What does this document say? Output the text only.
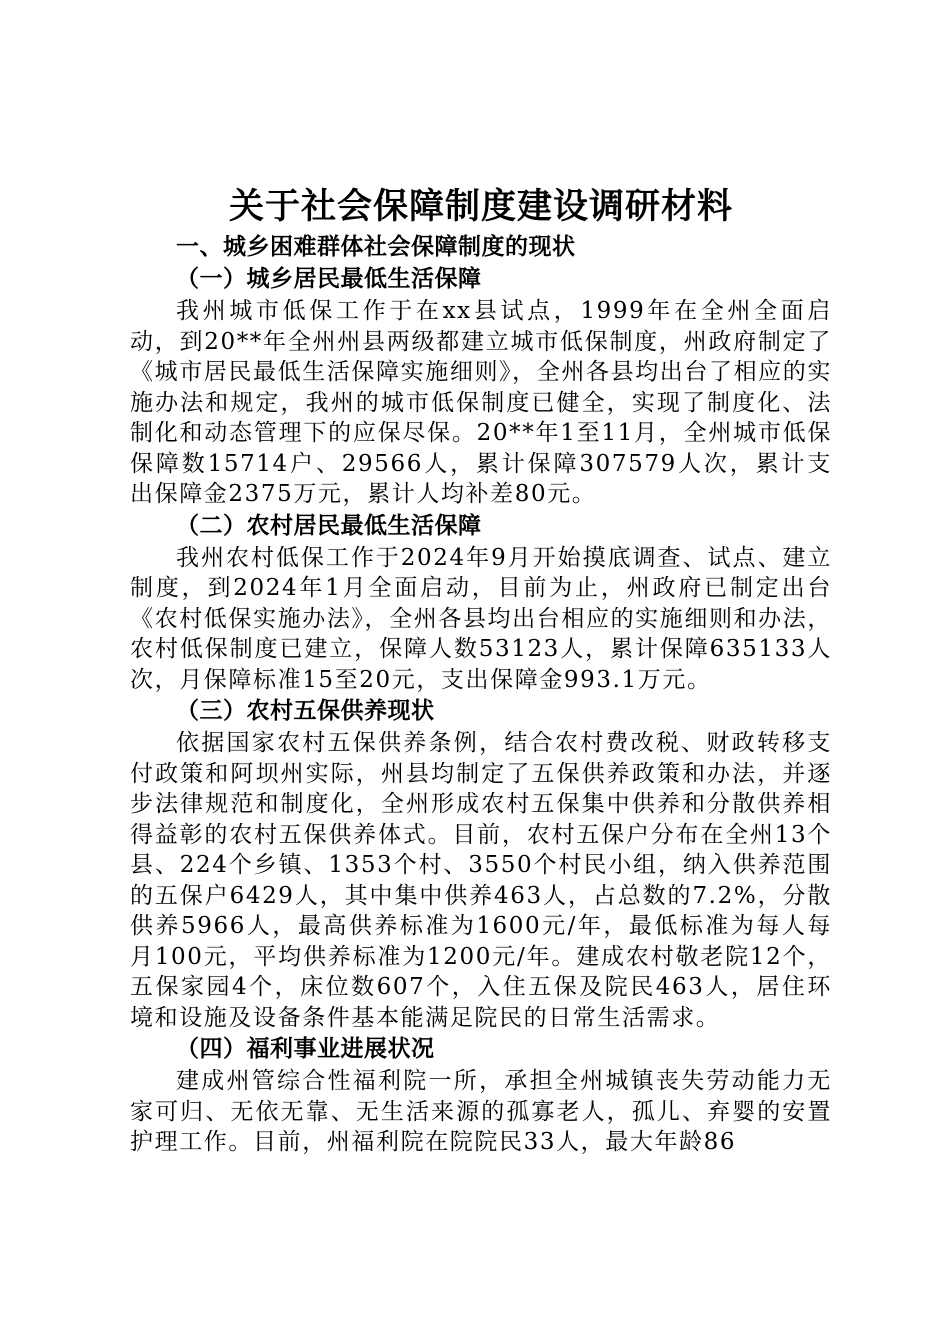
关于社会保障制度建设调研材料

一、城乡困难群体社会保障制度的现状

（一）城乡居民最低生活保障

我州城市低保工作于在xx县试点，1999年在全州全面启动，到20**年全州州县两级都建立城市低保制度，州政府制定了《城市居民最低生活保障实施细则》，全州各县均出台了相应的实施办法和规定，我州的城市低保制度已健全，实现了制度化、法制化和动态管理下的应保尽保。20**年1至11月，全州城市低保保障数15714户、29566人，累计保障307579人次，累计支出保障金2375万元，累计人均补差80元。

（二）农村居民最低生活保障

我州农村低保工作于2024年9月开始摸底调查、试点、建立制度，到2024年1月全面启动，目前为止，州政府已制定出台《农村低保实施办法》，全州各县均出台相应的实施细则和办法，农村低保制度已建立，保障人数53123人，累计保障635133人次，月保障标准15至20元，支出保障金993.1万元。

（三）农村五保供养现状

依据国家农村五保供养条例，结合农村费改税、财政转移支付政策和阿坝州实际，州县均制定了五保供养政策和办法，并逐步法律规范和制度化，全州形成农村五保集中供养和分散供养相得益彰的农村五保供养体式。目前，农村五保户分布在全州13个县、224个乡镇、1353个村、3550个村民小组，纳入供养范围的五保户6429人，其中集中供养463人，占总数的7.2%，分散供养5966人，最高供养标准为1600元/年，最低标准为每人每月100元，平均供养标准为1200元/年。建成农村敬老院12个，五保家园4个，床位数607个，入住五保及院民463人，居住环境和设施及设备条件基本能满足院民的日常生活需求。

（四）福利事业进展状况

建成州管综合性福利院一所，承担全州城镇丧失劳动能力无家可归、无依无靠、无生活来源的孤寡老人，孤儿、弃婴的安置护理工作。目前，州福利院在院院民33人，最大年龄86
